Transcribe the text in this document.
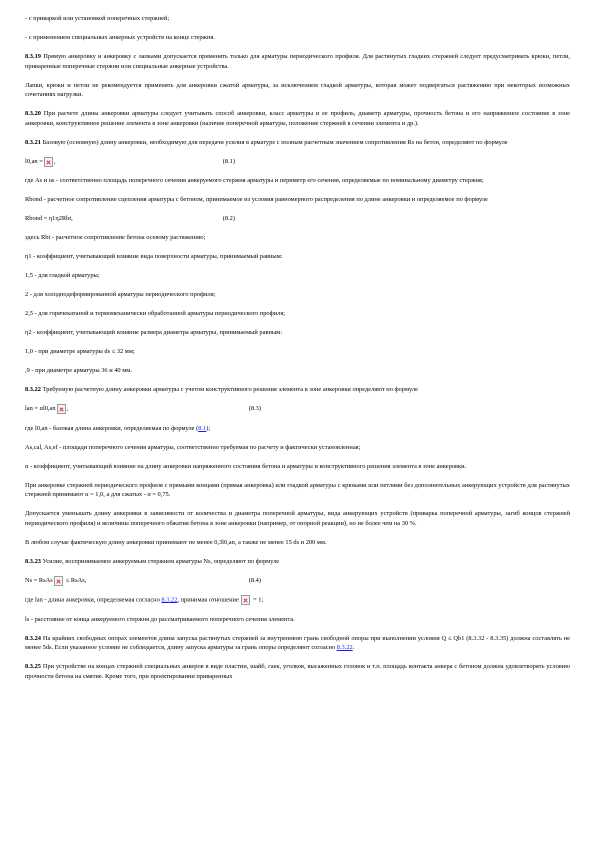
- с приваркой или установкой поперечных стержней;

- с применением специальных анкерных устройств на конце стержня.

8.3.19 Прямую анкеровку и анкеровку с лапками допускается применять только для арматуры периодического профиля. Для растянутых гладких стержней следует предусматривать крюки, петли, приваренные поперечные стержни или специальные анкерные устройства.

Лапки, крюки и петли не рекомендуется применять для анкеровки сжатой арматуры, за исключением гладкой арматуры, которая может подвергаться растяжению при некоторых возможных сочетаниях нагрузки.

8.3.20 При расчете длины анкеровки арматуры следует учитывать способ анкеровки, класс арматуры и ее профиль, диаметр арматуры, прочность бетона и его напряженное состояние в зоне анкеровки, конструктивное решение элемента в зоне анкеровки (наличие поперечной арматуры, положение стержней в сечении элемента и др.).

8.3.21 Базовую (основную) длину анкеровки, необходимую для передачи усилия в арматуре с полным расчетным значением сопротивления Rs на бетон, определяют по формуле

l0,an = ,	(8.1)

где As и us - соответственно площадь поперечного сечения анкеруемого стержня арматуры и периметр его сечения, определяемые по номинальному диаметру стержня;

Rbond - расчетное сопротивление сцепления арматуры с бетоном, принимаемое из условия равномерного распределения по длине анкеровки и определяемое по формуле

Rbond = η1η2Rbt,	(8.2)

здесь Rbt - расчетное сопротивление бетона осевому растяжению;

η1 - коэффициент, учитывающий влияние вида поверхности арматуры, принимаемый равным:

1,5 - для гладкой арматуры;

2 - для холоднодеформированной арматуры периодического профиля;

2,5 - для горячекатаной и термомеханически обработанной арматуры периодического профиля;

η2 - коэффициент, учитывающий влияние размера диаметра арматуры, принимаемый равным:

1,0 - при диаметре арматуры ds ≤ 32 мм;

,9 - при диаметре арматуры 36 и 40 мм.

8.3.22 Требуемую расчетную длину анкеровки арматуры с учетом конструктивного решения элемента в зоне анкеровки определяют по формуле

lan = αl0,an ,	(8.3)

где l0,an - базовая длина анкеровки, определяемая по формуле (8.1);

As,cal, As,ef - площади поперечного сечения арматуры, соответственно требуемая по расчету и фактически установленная;

α - коэффициент, учитывающий влияние на длину анкеровки напряженного состояния бетона и арматуры и конструктивного решения элемента в зоне анкеровки.

При анкеровке стержней периодического профиля с прямыми концами (прямая анкеровка) или гладкой арматуры с крюками или петлями без дополнительных анкерующих устройств для растянутых стержней принимают α = 1,0, а для сжатых - α = 0,75.

Допускается уменьшать длину анкеровки в зависимости от количества и диаметра поперечной арматуры, вида анкерующих устройств (приварка поперечной арматуры, загиб концов стержней периодического профиля) и величины поперечного обжатия бетона в зоне анкеровки (например, от опорной реакции), но не более чем на 30 %.

В любом случае фактическую длину анкеровки принимают не менее 0,3l0,an, а также не менее 15 ds и 200 мм.

8.3.23 Усилие, воспринимаемое анкеруемым стержнем арматуры Ns, определяют по формуле

Ns = RsAs ≤ RsAs,	(8.4)

где lan - длина анкеровки, определяемая согласно 8.3.22, принимая отношение  = 1;

ls - расстояние от конца анкеруемого стержня до рассматриваемого поперечного сечения элемента.

8.3.24 На крайних свободных опорах элементов длина запуска растянутых стержней за внутреннюю грань свободной опоры при выполнении условия Q ≤ Qb1 (8.3.32 - 8.3.35) должна составлять не менее 5ds. Если указанное условие не соблюдается, длину запуска арматуры за грань опоры определяют согласно 8.3.22.

8.3.25 При устройстве на концах стержней специальных анкеров в виде пластин, шайб, гаек, уголков, высаженных головок и т.п. площадь контакта анкера с бетоном должна удовлетворять условию прочности бетона на смятие. Кроме того, при проектировании приваренных
